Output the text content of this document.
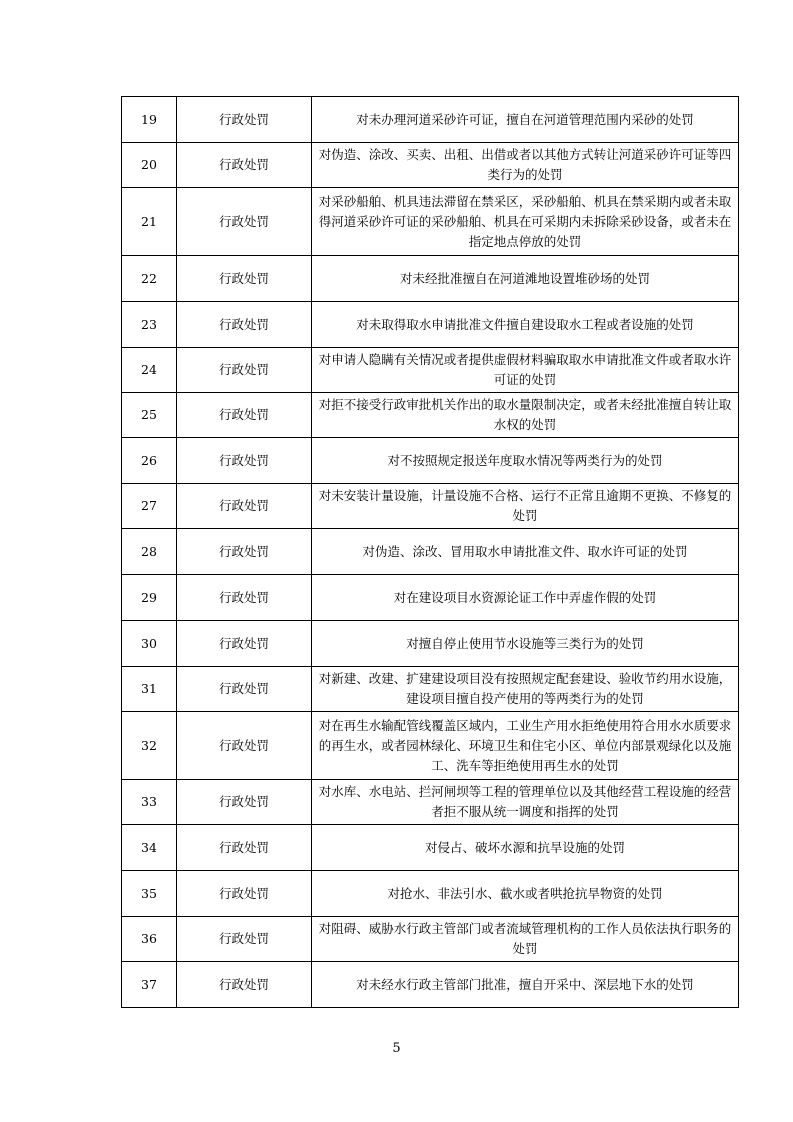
19	行政处罚	对未办理河道采砂许可证，擅自在河道管理范围内采砂的处罚
20	行政处罚	对伪造、涂改、买卖、出租、出借或者以其他方式转让河道采砂许可证等四类行为的处罚
21	行政处罚	对采砂船舶、机具违法滞留在禁采区，采砂船舶、机具在禁采期内或者未取得河道采砂许可证的采砂船舶、机具在可采期内未拆除采砂设备，或者未在指定地点停放的处罚
22	行政处罚	对未经批准擅自在河道滩地设置堆砂场的处罚
23	行政处罚	对未取得取水申请批准文件擅自建设取水工程或者设施的处罚
24	行政处罚	对申请人隐瞒有关情况或者提供虚假材料骗取取水申请批准文件或者取水许可证的处罚
25	行政处罚	对拒不接受行政审批机关作出的取水量限制决定，或者未经批准擅自转让取水权的处罚
26	行政处罚	对不按照规定报送年度取水情况等两类行为的处罚
27	行政处罚	对未安装计量设施，计量设施不合格、运行不正常且逾期不更换、不修复的处罚
28	行政处罚	对伪造、涂改、冒用取水申请批准文件、取水许可证的处罚
29	行政处罚	对在建设项目水资源论证工作中弄虚作假的处罚
30	行政处罚	对擅自停止使用节水设施等三类行为的处罚
31	行政处罚	对新建、改建、扩建建设项目没有按照规定配套建设、验收节约用水设施，建设项目擅自投产使用的等两类行为的处罚
32	行政处罚	对在再生水输配管线覆盖区域内，工业生产用水拒绝使用符合用水水质要求的再生水，或者园林绿化、环境卫生和住宅小区、单位内部景观绿化以及施工、洗车等拒绝使用再生水的处罚
33	行政处罚	对水库、水电站、拦河闸坝等工程的管理单位以及其他经营工程设施的经营者拒不服从统一调度和指挥的处罚
34	行政处罚	对侵占、破坏水源和抗旱设施的处罚
35	行政处罚	对抢水、非法引水、截水或者哄抢抗旱物资的处罚
36	行政处罚	对阻碍、威胁水行政主管部门或者流域管理机构的工作人员依法执行职务的处罚
37	行政处罚	对未经水行政主管部门批准，擅自开采中、深层地下水的处罚
5
